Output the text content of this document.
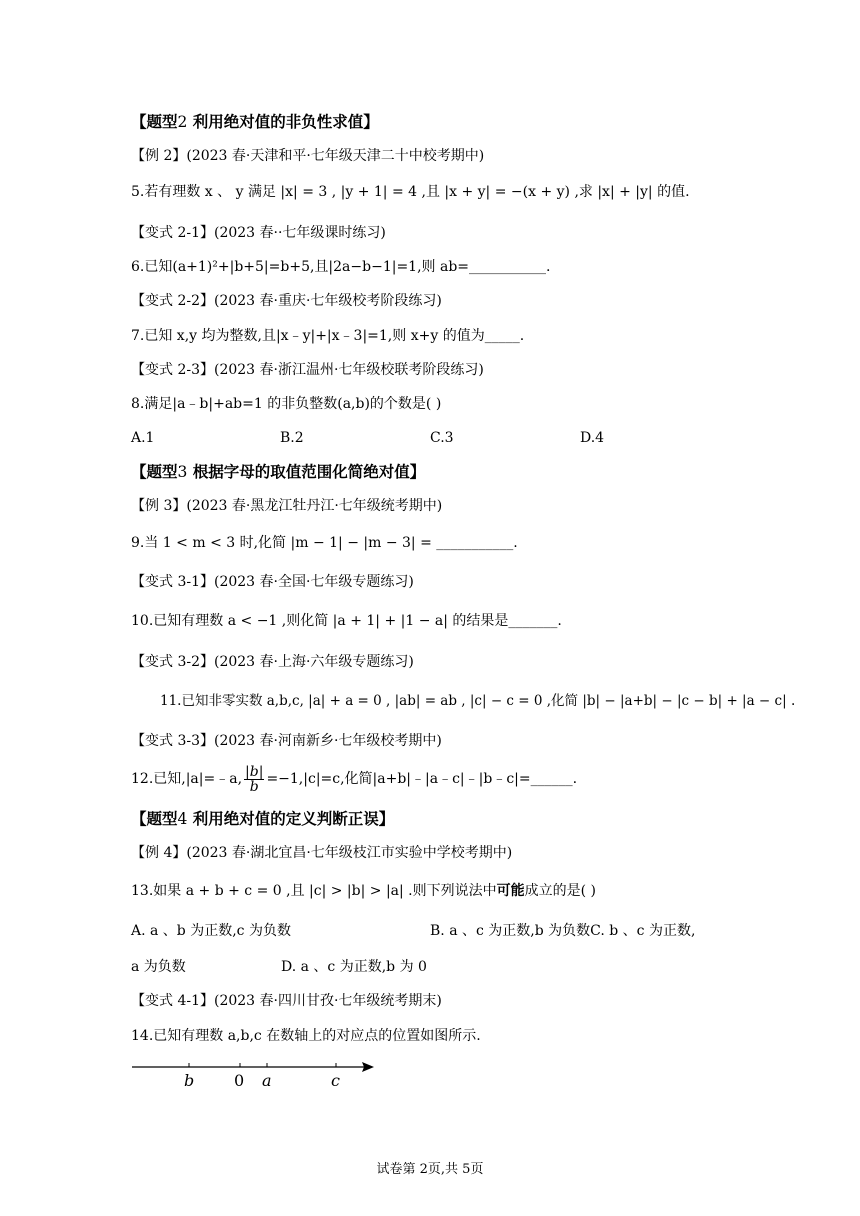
【题型2 利用绝对值的非负性求值】
【例 2】(2023 春·天津和平·七年级天津二十中校考期中)
5.若有理数 x 、 y 满足 |x| = 3 , |y + 1| = 4 ,且 |x + y| = −(x + y) ,求 |x| + |y| 的值.
【变式 2-1】(2023 春··七年级课时练习)
6.已知(a+1)²+|b+5|=b+5,且|2a−b−1|=1,则 ab=___________.
【变式 2-2】(2023 春·重庆·七年级校考阶段练习)
7.已知 x,y 均为整数,且|x﹣y|+|x﹣3|=1,则 x+y 的值为_____.
【变式 2-3】(2023 春·浙江温州·七年级校联考阶段练习)
8.满足|a﹣b|+ab=1 的非负整数(a,b)的个数是( )
A.1	B.2	C.3	D.4
【题型3 根据字母的取值范围化简绝对值】
【例 3】(2023 春·黑龙江牡丹江·七年级统考期中)
9.当 1 < m < 3 时,化简 |m − 1| − |m − 3| = ___________.
【变式 3-1】(2023 春·全国·七年级专题练习)
10.已知有理数 a < −1 ,则化简 |a + 1| + |1 − a| 的结果是_______.
【变式 3-2】(2023 春·上海·六年级专题练习)
11.已知非零实数 a,b,c, |a| + a = 0 , |ab| = ab , |c| − c = 0 ,化简 |b| − |a+b| − |c − b| + |a − c| .
【变式 3-3】(2023 春·河南新乡·七年级校考期中)
12.已知,|a|=﹣a, $\frac{|b|}{b} =-1,|c|=c$,化简|a+b|﹣|a﹣c|﹣|b﹣c|=______.
【题型4 利用绝对值的定义判断正误】
【例 4】(2023 春·湖北宜昌·七年级枝江市实验中学校考期中)
13.如果 a + b + c = 0 ,且 |c| > |b| > |a| .则下列说法中可能成立的是( )
A. a 、b 为正数,c 为负数	B. a 、c 为正数,b 为负数C. b 、c 为正数,
a 为负数	D. a 、c 为正数,b 为 0
【变式 4-1】(2023 春·四川甘孜·七年级统考期末)
14.已知有理数 a,b,c 在数轴上的对应点的位置如图所示.
b 0 a	c
试卷第 2页,共 5页
